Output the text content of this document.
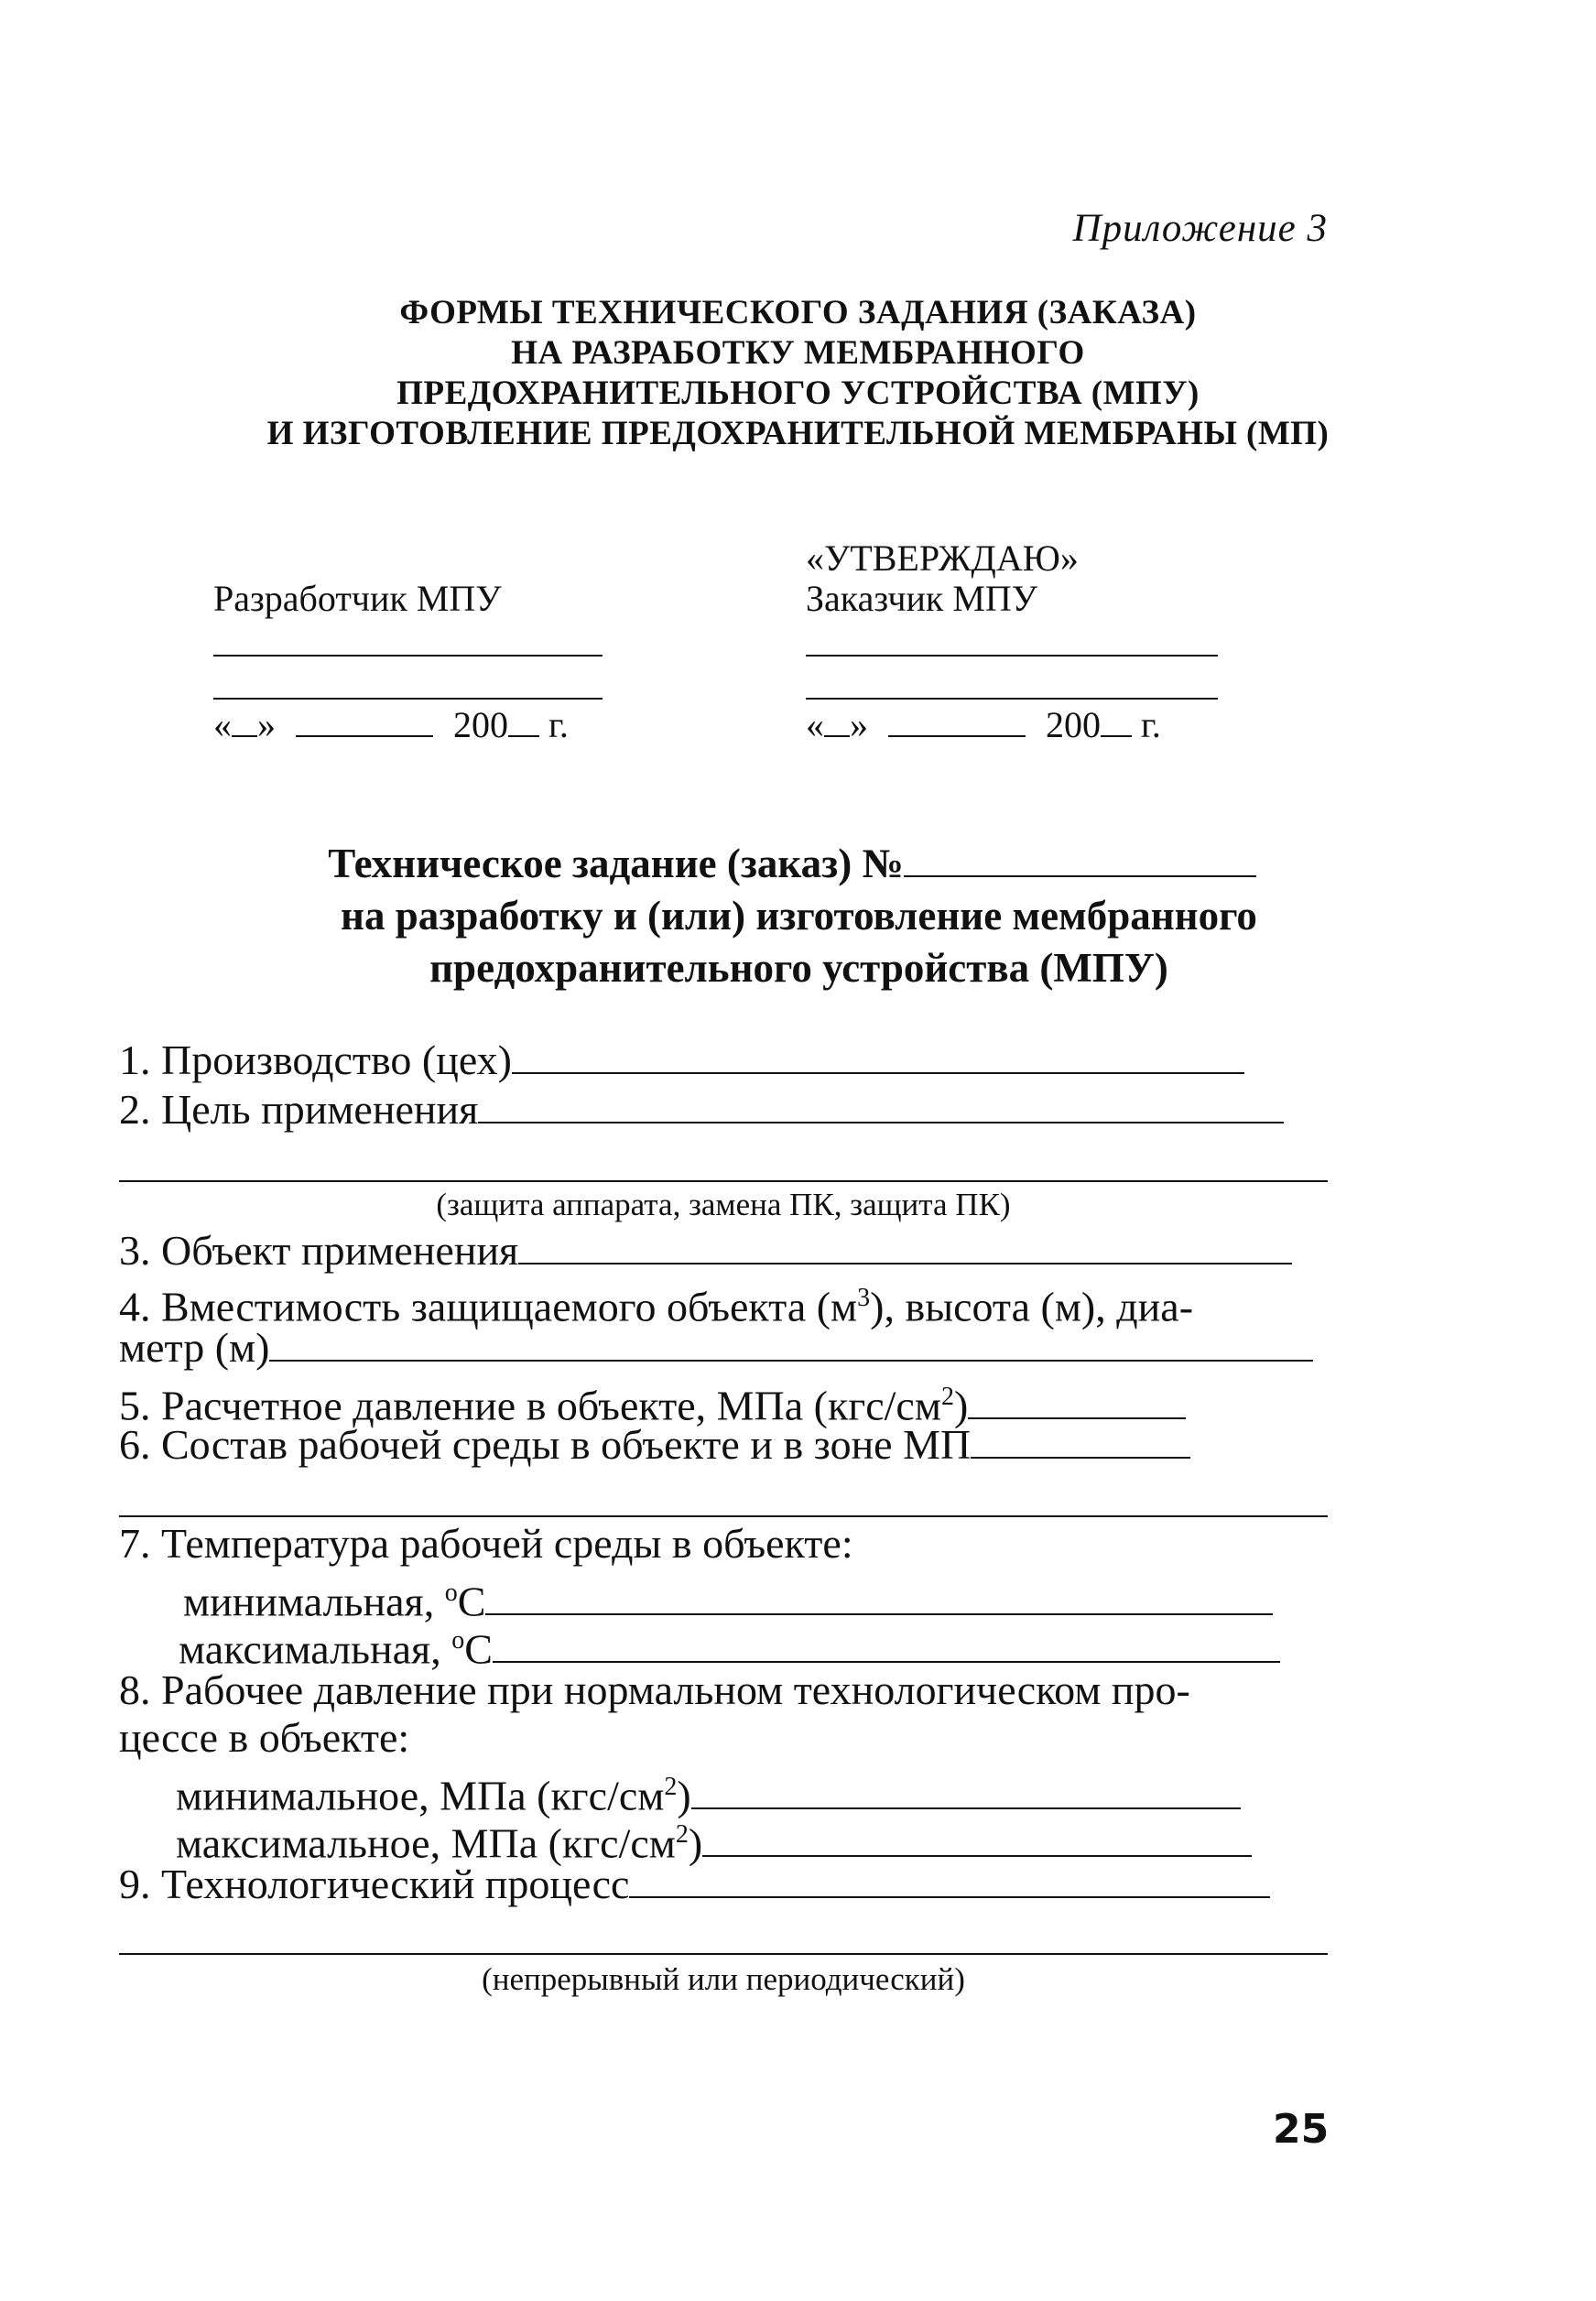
Приложение 3
ФОРМЫ ТЕХНИЧЕСКОГО ЗАДАНИЯ (ЗАКАЗА)
НА РАЗРАБОТКУ МЕМБРАННОГО
ПРЕДОХРАНИТЕЛЬНОГО УСТРОЙСТВА (МПУ)
И ИЗГОТОВЛЕНИЕ ПРЕДОХРАНИТЕЛЬНОЙ МЕМБРАНЫ (МП)
Разработчик МПУ
« »	200 г.
«УТВЕРЖДАЮ»
Заказчик МПУ
« »	200 г.
Техническое задание (заказ) №
на разработку и (или) изготовление мембранного
предохранительного устройства (МПУ)
1. Производство (цех)
2. Цель применения
(защита аппарата, замена ПК, защита ПК)
3. Объект применения
4. Вместимость защищаемого объекта $(м^3)$, высота (м), диа-
метр (м)
5. Расчетное давление в объекте, МПа $(кгс/см^2)$
6. Состав рабочей среды в объекте и в зоне МП
7. Температура рабочей среды в объекте:
минимальная, $^о$С
максимальная, $^о$С
8. Рабочее давление при нормальном технологическом про-
цессе в объекте:
минимальное, МПа $(кгс/см^2)$
максимальное, МПа $(кгс/см^2)$
9. Технологический процесс
(непрерывный или периодический)
25
